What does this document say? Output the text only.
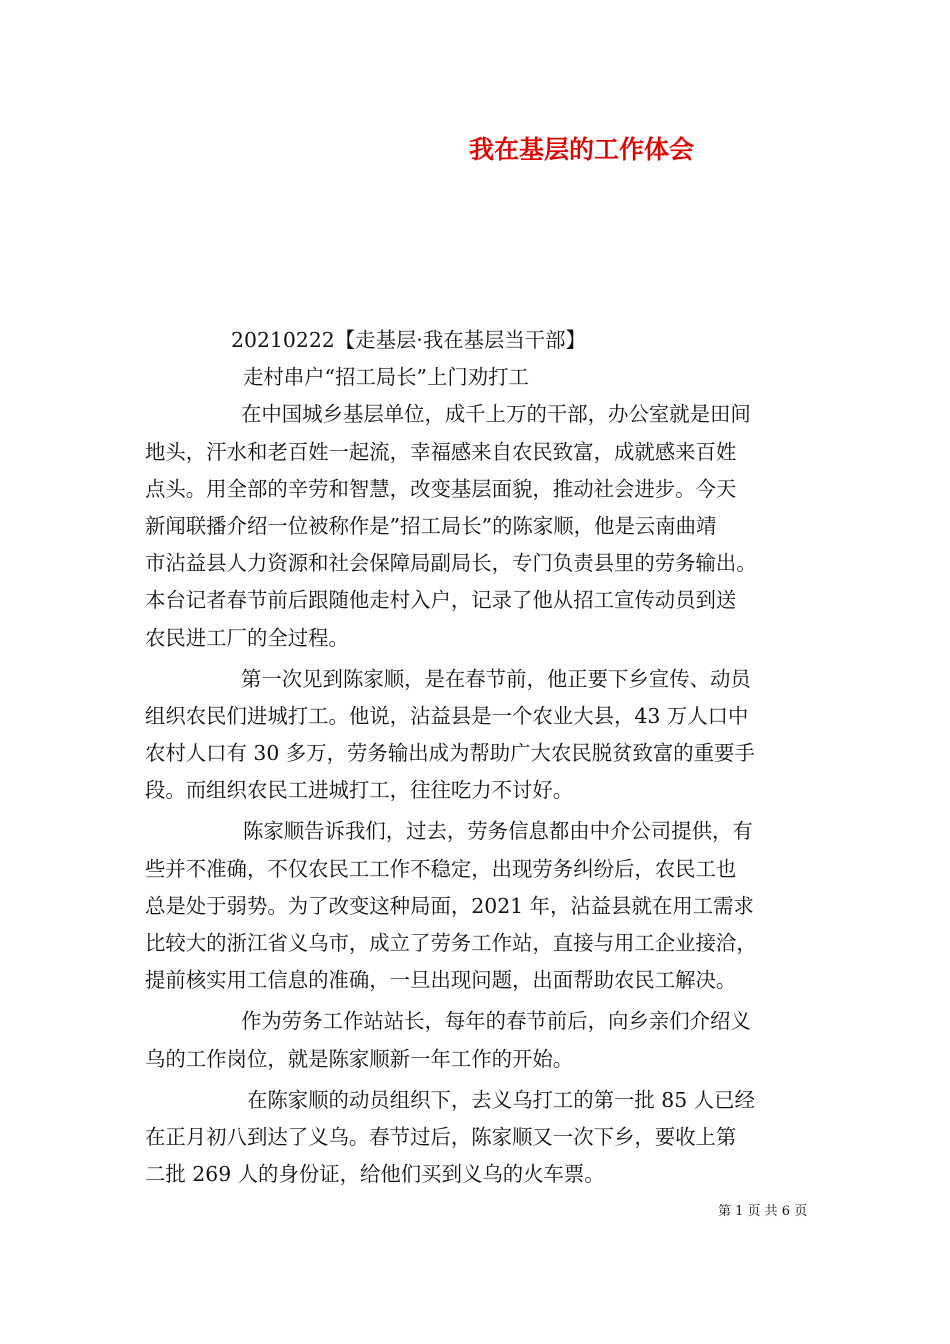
我在基层的工作体会
20210222【走基层·我在基层当干部】
走村串户“招工局长”上门劝打工
在中国城乡基层单位，成千上万的干部，办公室就是田间
地头，汗水和老百姓一起流，幸福感来自农民致富，成就感来百姓
点头。用全部的辛劳和智慧，改变基层面貌，推动社会进步。今天
新闻联播介绍一位被称作是”招工局长”的陈家顺，他是云南曲靖
市沾益县人力资源和社会保障局副局长，专门负责县里的劳务输出。
本台记者春节前后跟随他走村入户，记录了他从招工宣传动员到送
农民进工厂的全过程。
第一次见到陈家顺，是在春节前，他正要下乡宣传、动员
组织农民们进城打工。他说，沾益县是一个农业大县，43 万人口中
农村人口有 30 多万，劳务输出成为帮助广大农民脱贫致富的重要手
段。而组织农民工进城打工，往往吃力不讨好。
陈家顺告诉我们，过去，劳务信息都由中介公司提供，有
些并不准确，不仅农民工工作不稳定，出现劳务纠纷后，农民工也
总是处于弱势。为了改变这种局面，2021 年，沾益县就在用工需求
比较大的浙江省义乌市，成立了劳务工作站，直接与用工企业接洽，
提前核实用工信息的准确，一旦出现问题，出面帮助农民工解决。
作为劳务工作站站长，每年的春节前后，向乡亲们介绍义
乌的工作岗位，就是陈家顺新一年工作的开始。
在陈家顺的动员组织下，去义乌打工的第一批 85 人已经
在正月初八到达了义乌。春节过后，陈家顺又一次下乡，要收上第
二批 269 人的身份证，给他们买到义乌的火车票。
第 1 页 共 6 页
